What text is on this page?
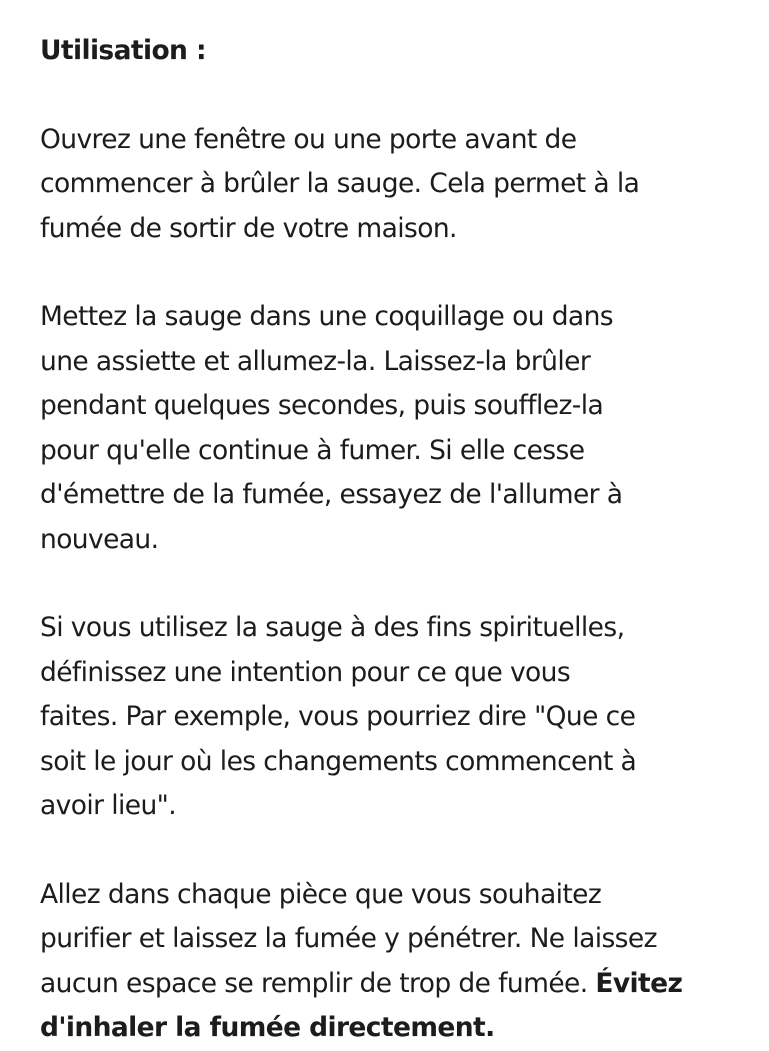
Utilisation :
Ouvrez une fenêtre ou une porte avant de
commencer à brûler la sauge. Cela permet à la
fumée de sortir de votre maison.
Mettez la sauge dans une coquillage ou dans
une assiette et allumez-la. Laissez-la brûler
pendant quelques secondes, puis soufflez-la
pour qu'elle continue à fumer. Si elle cesse
d'émettre de la fumée, essayez de l'allumer à
nouveau.
Si vous utilisez la sauge à des fins spirituelles,
définissez une intention pour ce que vous
faites. Par exemple, vous pourriez dire "Que ce
soit le jour où les changements commencent à
avoir lieu".
Allez dans chaque pièce que vous souhaitez
purifier et laissez la fumée y pénétrer. Ne laissez
aucun espace se remplir de trop de fumée. Évitez
d'inhaler la fumée directement.
